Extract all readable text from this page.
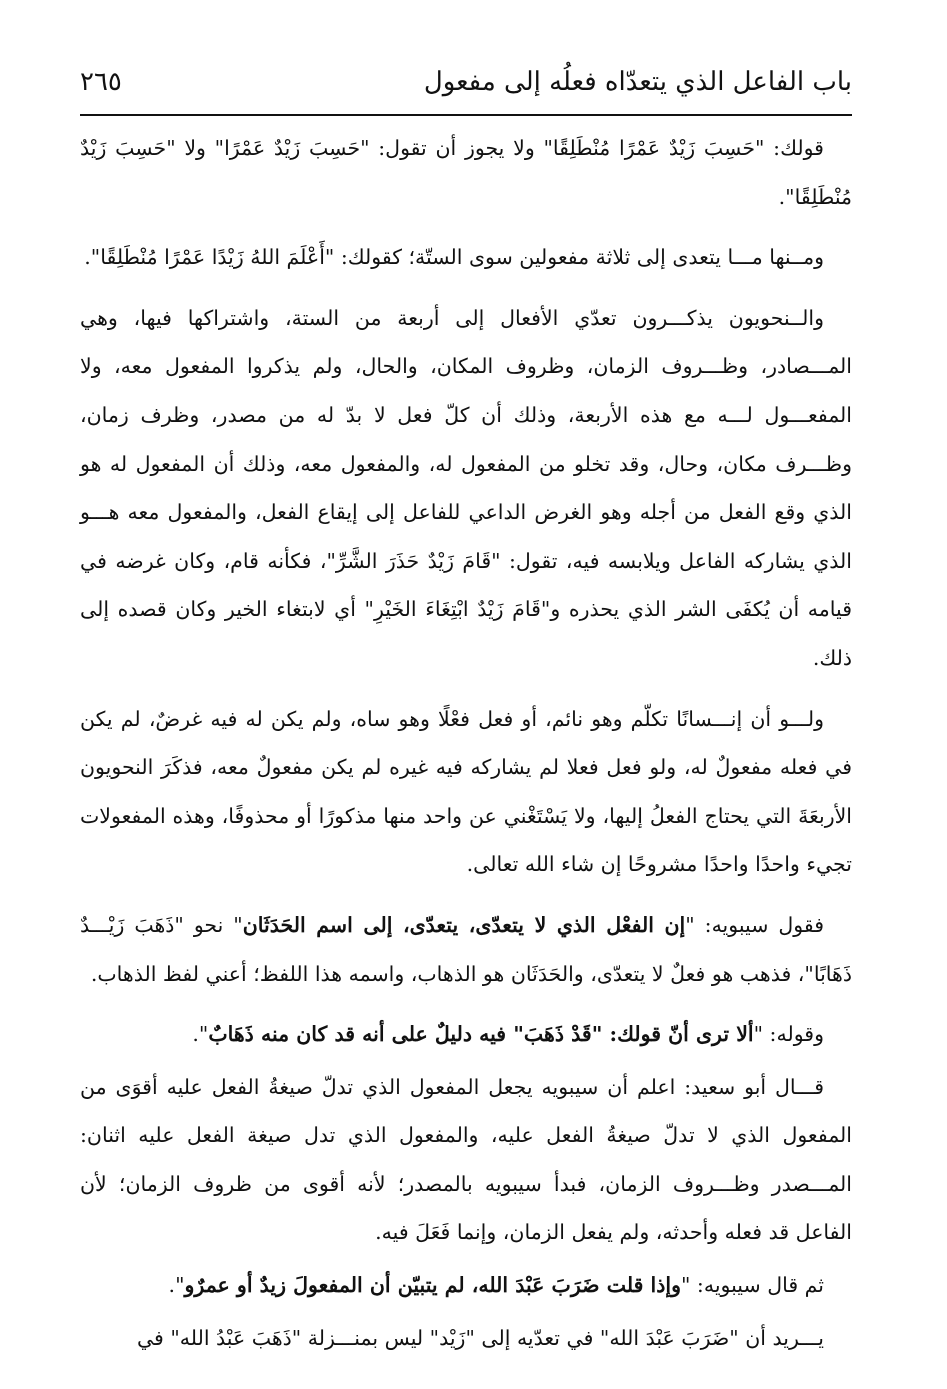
باب الفاعل الذي يتعدّاه فعلُه إلى مفعول
٢٦٥

قولك: "حَسِبَ زَيْدٌ عَمْرًا مُنْطَلِقًا" ولا يجوز أن تقول: "حَسِبَ زَيْدٌ عَمْرًا" ولا "حَسِبَ زَيْدٌ مُنْطَلِقًا".

ومــنها مـــا يتعدى إلى ثلاثة مفعولين سوى الستّة؛ كقولك: "أَعْلَمَ اللهُ زَيْدًا عَمْرًا مُنْطَلِقًا".

والــنحويون يذكـــرون تعدّي الأفعال إلى أربعة من الستة، واشتراكها فيها، وهي المـــصادر، وظـــروف الزمان، وظروف المكان، والحال، ولم يذكروا المفعول معه، ولا المفعـــول لـــه مع هذه الأربعة، وذلك أن كلّ فعل لا بدّ له من مصدر، وظرف زمان، وظـــرف مكان، وحال، وقد تخلو من المفعول له، والمفعول معه، وذلك أن المفعول له هو الذي وقع الفعل من أجله وهو الغرض الداعي للفاعل إلى إيقاع الفعل، والمفعول معه هـــو الذي يشاركه الفاعل ويلابسه فيه، تقول: "قَامَ زَيْدٌ حَذَرَ الشَّرِّ"، فكأنه قام، وكان غرضه في قيامه أن يُكفَى الشر الذي يحذره و"قَامَ زَيْدٌ ابْتِغَاءَ الخَيْرِ" أي لابتغاء الخير وكان قصده إلى ذلك.

ولـــو أن إنـــسانًا تكلّم وهو نائم، أو فعل فعْلًا وهو ساه، ولم يكن له فيه غرضٌ، لم يكن في فعله مفعولٌ له، ولو فعل فعلا لم يشاركه فيه غيره لم يكن مفعولٌ معه، فذكَرَ النحويون الأربعَةَ التي يحتاج الفعلُ إليها، ولا يَسْتَغْني عن واحد منها مذكورًا أو محذوفًا، وهذه المفعولات تجيء واحدًا واحدًا مشروحًا إن شاء الله تعالى.

فقول سيبويه: "إن الفعْل الذي لا يتعدّى، يتعدّى، إلى اسم الحَدَثَان" نحو "ذَهَبَ زَيْـــدٌ ذَهَابًا"، فذهب هو فعلٌ لا يتعدّى، والحَدَثَان هو الذهاب، واسمه هذا اللفظ؛ أعني لفظ الذهاب.

وقوله: "ألا ترى أنّ قولك: "قَدْ ذَهَبَ" فيه دليلٌ على أنه قد كان منه ذَهَابٌ".

قـــال أبو سعيد: اعلم أن سيبويه يجعل المفعول الذي تدلّ صيغةُ الفعل عليه أقوَى من المفعول الذي لا تدلّ صيغةُ الفعل عليه، والمفعول الذي تدل صيغة الفعل عليه اثنان: المـــصدر وظـــروف الزمان، فبدأ سيبويه بالمصدر؛ لأنه أقوى من ظروف الزمان؛ لأن الفاعل قد فعله وأحدثه، ولم يفعل الزمان، وإنما فَعَلَ فيه.

ثم قال سيبويه: "وإذا قلت ضَرَبَ عَبْدَ الله، لم يتبيّن أن المفعولَ زيدٌ أو عمرٌو".

يـــريد أن "ضَرَبَ عَبْدَ الله" في تعدّيه إلى "زَيْد" ليس بمنـــزلة "ذَهَبَ عَبْدُ الله" في
